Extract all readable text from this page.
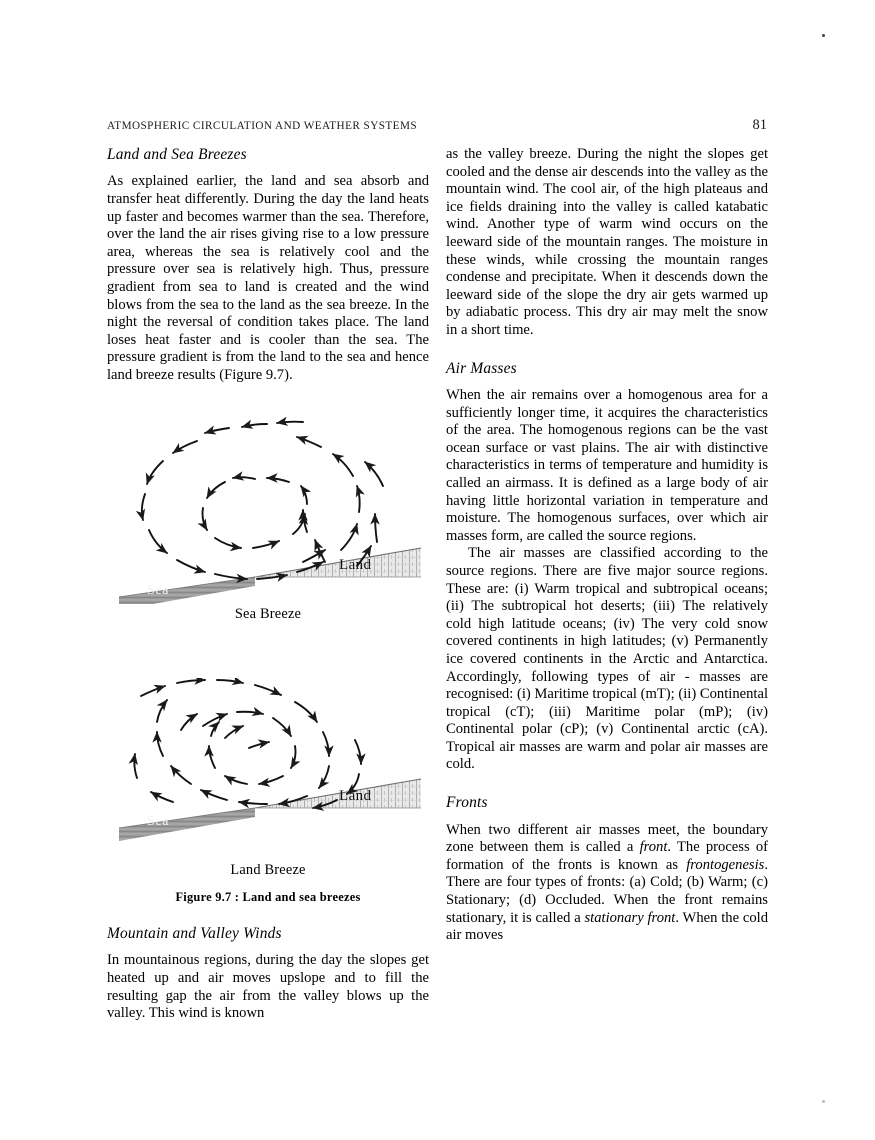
ATMOSPHERIC CIRCULATION AND WEATHER SYSTEMS	81
Land and Sea Breezes

As explained earlier, the land and sea absorb and transfer heat differently. During the day the land heats up faster and becomes warmer than the sea. Therefore, over the land the air rises giving rise to a low pressure area, whereas the sea is relatively cool and the pressure over sea is relatively high. Thus, pressure gradient from sea to land is created and the wind blows from the sea to the land as the sea breeze. In the night the reversal of condition takes place. The land loses heat faster and is cooler than the sea. The pressure gradient is from the land to the sea and hence land breeze results (Figure 9.7).

Sea
Land
Sea Breeze
Sea
Land
Land Breeze
Figure 9.7 : Land and sea breezes
Mountain and Valley Winds

In mountainous regions, during the day the slopes get heated up and air moves upslope and to fill the resulting gap the air from the valley blows up the valley. This wind is known

as the valley breeze. During the night the slopes get cooled and the dense air descends into the valley as the mountain wind. The cool air, of the high plateaus and ice fields draining into the valley is called katabatic wind. Another type of warm wind occurs on the leeward side of the mountain ranges. The moisture in these winds, while crossing the mountain ranges condense and precipitate. When it descends down the leeward side of the slope the dry air gets warmed up by adiabatic process. This dry air may melt the snow in a short time.

Air Masses

When the air remains over a homogenous area for a sufficiently longer time, it acquires the characteristics of the area. The homogenous regions can be the vast ocean surface or vast plains. The air with distinctive characteristics in terms of temperature and humidity is called an airmass. It is defined as a large body of air having little horizontal variation in temperature and moisture. The homogenous surfaces, over which air masses form, are called the source regions.

The air masses are classified according to the source regions. There are five major source regions. These are: (i) Warm tropical and subtropical oceans; (ii) The subtropical hot deserts; (iii) The relatively cold high latitude oceans; (iv) The very cold snow covered continents in high latitudes; (v) Permanently ice covered continents in the Arctic and Antarctica. Accordingly, following types of air - masses are recognised: (i) Maritime tropical (mT); (ii) Continental tropical (cT); (iii) Maritime polar (mP); (iv) Continental polar (cP); (v) Continental arctic (cA). Tropical air masses are warm and polar air masses are cold.

Fronts

When two different air masses meet, the boundary zone between them is called a front. The process of formation of the fronts is known as frontogenesis. There are four types of fronts: (a) Cold; (b) Warm; (c) Stationary; (d) Occluded. When the front remains stationary, it is called a stationary front. When the cold air moves
